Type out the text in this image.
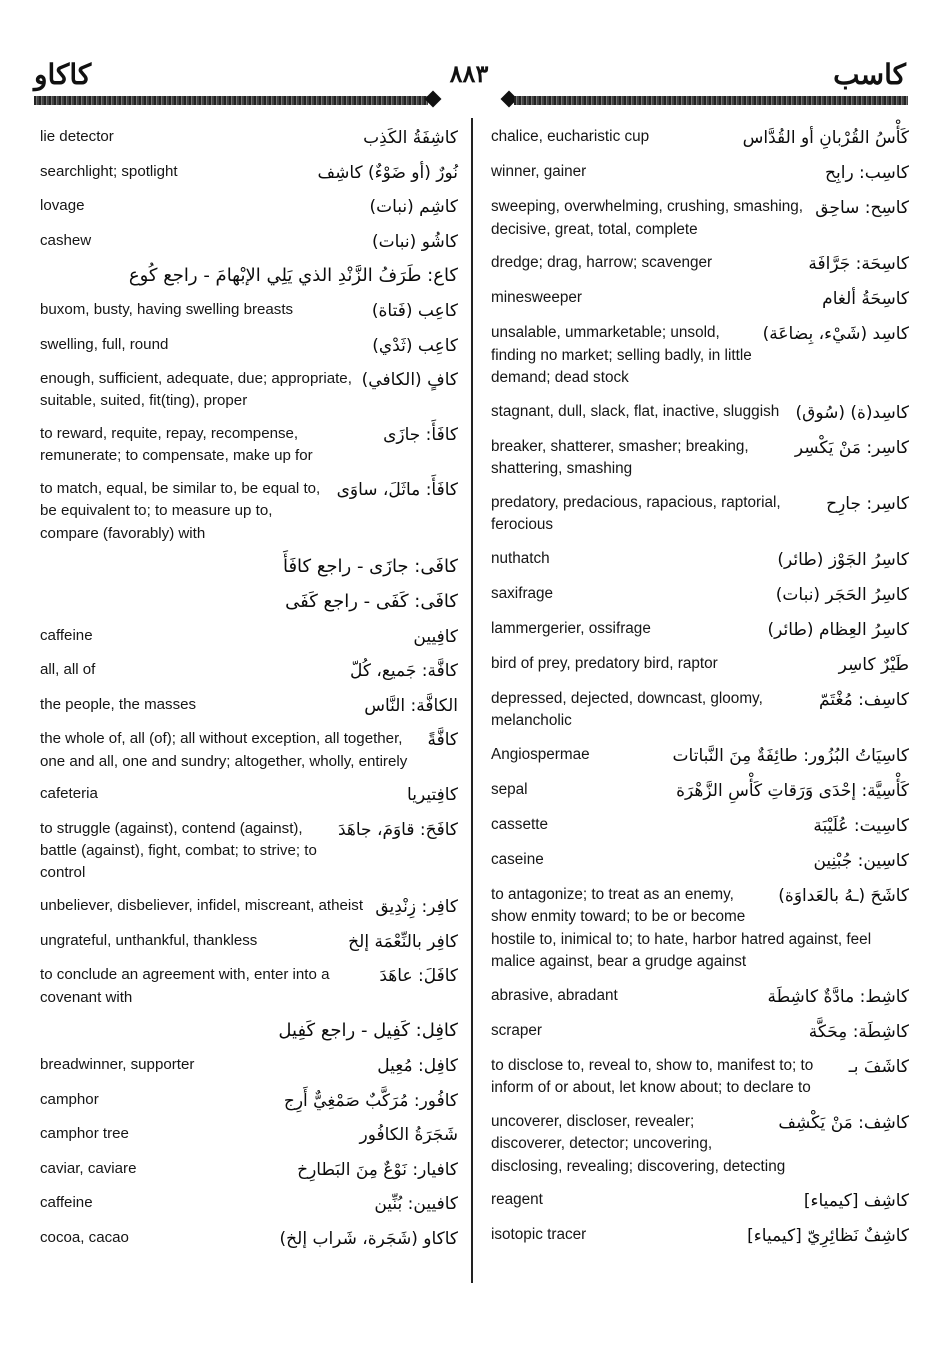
كاكاو	٨٨٣	كاسب
كاشِفَةُ الكَذِب
lie detector
نُورٌ (أو ضَوْءٌ) كاشِف
searchlight; spotlight
كاشِم (نبات)
lovage
كاشُو (نبات)
cashew
كاع: طَرَفُ الزَّنْدِ الذي يَلِي الإبْهامَ - راجع كُوع
كاعِب (فَتاة)
buxom, busty, having swelling breasts
كاعِب (ثَدْي)
swelling, full, round
كافٍ (الكافي)
enough, sufficient, adequate, due; appropriate, suitable, suited, fit(ting), proper
كافَأَ: جازَى
to reward, requite, repay, recompense, remunerate; to compensate, make up for
كافَأَ: ماثَلَ، ساوَى
to match, equal, be similar to, be equal to, be equivalent to; to measure up to, compare (favorably) with
كافَى: جازَى - راجع كافَأَ
كافَى: كَفَى - راجع كَفَى
كافِيين
caffeine
كافَّة: جَميع، كُلّ
all, all of
الكافَّة: النَّاس
the people, the masses
كافَّةً
the whole of, all (of); all without exception, all together, one and all, one and sundry; altogether, wholly, entirely
كافِتيريا
cafeteria
كافَحَ: قاوَمَ، جاهَدَ
to struggle (against), contend (against), battle (against), fight, combat; to strive; to control
كافِر: زِنْدِيق
unbeliever, disbeliever, infidel, miscreant, atheist
كافِر بالنِّعْمَة إلخ
ungrateful, unthankful, thankless
كافَلَ: عاهَدَ
to conclude an agreement with, enter into a covenant with
كافِل: كَفِيل - راجع كَفِيل
كافِل: مُعِيل
breadwinner, supporter
كافُور: مُرَكَّبٌ صَمْغِيٌّ أَرِج
camphor
شَجَرَةُ الكافُور
camphor tree
كافيار: نَوْعٌ مِنَ البَطارِخ
caviar, caviare
كافيين: بُنِّين
caffeine
كاكاو (شَجَرة، شَراب إلخ)
cocoa, cacao
كَأْسُ القُرْبانِ أو القُدَّاس
chalice, eucharistic cup
كاسِب: رابِح
winner, gainer
كاسِح: ساحِق
sweeping, overwhelming, crushing, smashing, decisive, great, total, complete
كاسِحَة: جَرَّافَة
dredge; drag, harrow; scavenger
كاسِحَةُ ألغام
minesweeper
كاسِد (شَيْء، بِضاعَة)
unsalable, ummarketable; unsold, finding no market; selling badly, in little demand; dead stock
كاسِد(ة) (سُوق)
stagnant, dull, slack, flat, inactive, sluggish
كاسِر: مَنْ يَكْسِر
breaker, shatterer, smasher; breaking, shattering, smashing
كاسِر: جارِح
predatory, predacious, rapacious, raptorial, ferocious
كاسِرُ الجَوْز (طائر)
nuthatch
كاسِرُ الحَجَر (نبات)
saxifrage
كاسِرُ العِظام (طائر)
lammergerier, ossifrage
طَيْرٌ كاسِر
bird of prey, predatory bird, raptor
كاسِف: مُغْتَمّ
depressed, dejected, downcast, gloomy, melancholic
كاسِيَاتُ البُزُور: طائِفَةٌ مِنَ النَّباتات
Angiospermae
كَأْسِيَّة: إحْدَى وَرَقاتِ كَأْسِ الزَّهْرَة
sepal
كاسِيت: عُلَيْبَة
cassette
كاسِين: جُبْنِين
caseine
كاشَحَ (ـهُ بالعَداوَة)
to antagonize; to treat as an enemy, show enmity toward; to be or become hostile to, inimical to; to hate, harbor hatred against, feel malice against, bear a grudge against
كاشِط: مادَّةٌ كاشِطَة
abrasive, abradant
كاشِطَة: مِحَكَّة
scraper
كاشَفَ بـ
to disclose to, reveal to, show to, manifest to; to inform of or about, let know about; to declare to
كاشِف: مَنْ يَكْشِف
uncoverer, discloser, revealer; discoverer, detector; uncovering, disclosing, revealing; discovering, detecting
كاشِف [كيمياء]
reagent
كاشِفٌ نَظائِرِيّ [كيمياء]
isotopic tracer
